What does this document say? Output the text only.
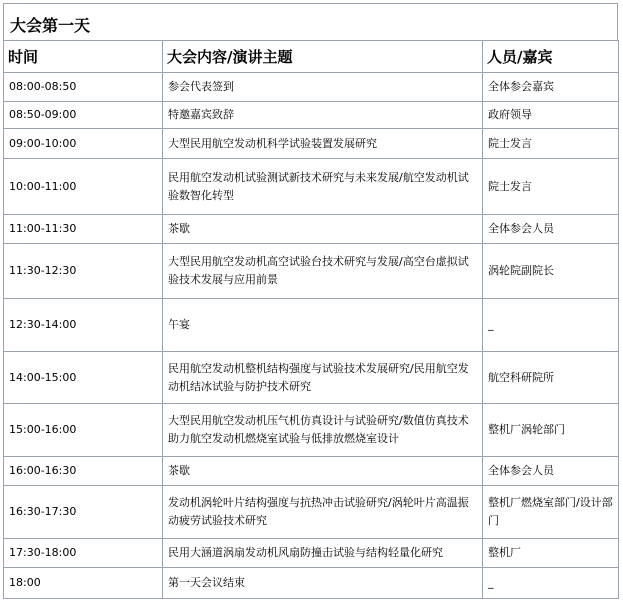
大会第一天
时间	大会内容/演讲主题	人员/嘉宾
08:00-08:50	参会代表签到	全体参会嘉宾
08:50-09:00	特邀嘉宾致辞	政府领导
09:00-10:00	大型民用航空发动机科学试验装置发展研究	院士发言
10:00-11:00	民用航空发动机试验测试新技术研究与未来发展/航空发动机试验数智化转型	院士发言
11:00-11:30	茶歇	全体参会人员
11:30-12:30	大型民用航空发动机高空试验台技术研究与发展/高空台虚拟试验技术发展与应用前景	涡轮院副院长
12:30-14:00	午宴	_
14:00-15:00	民用航空发动机整机结构强度与试验技术发展研究/民用航空发动机结冰试验与防护技术研究	航空科研院所
15:00-16:00	大型民用航空发动机压气机仿真设计与试验研究/数值仿真技术助力航空发动机燃烧室试验与低排放燃烧室设计	整机厂涡轮部门
16:00-16:30	茶歇	全体参会人员
16:30-17:30	发动机涡轮叶片结构强度与抗热冲击试验研究/涡轮叶片高温振动疲劳试验技术研究	整机厂燃烧室部门/设计部门
17:30-18:00	民用大涵道涡扇发动机风扇防撞击试验与结构轻量化研究	整机厂
18:00	第一天会议结束	_
